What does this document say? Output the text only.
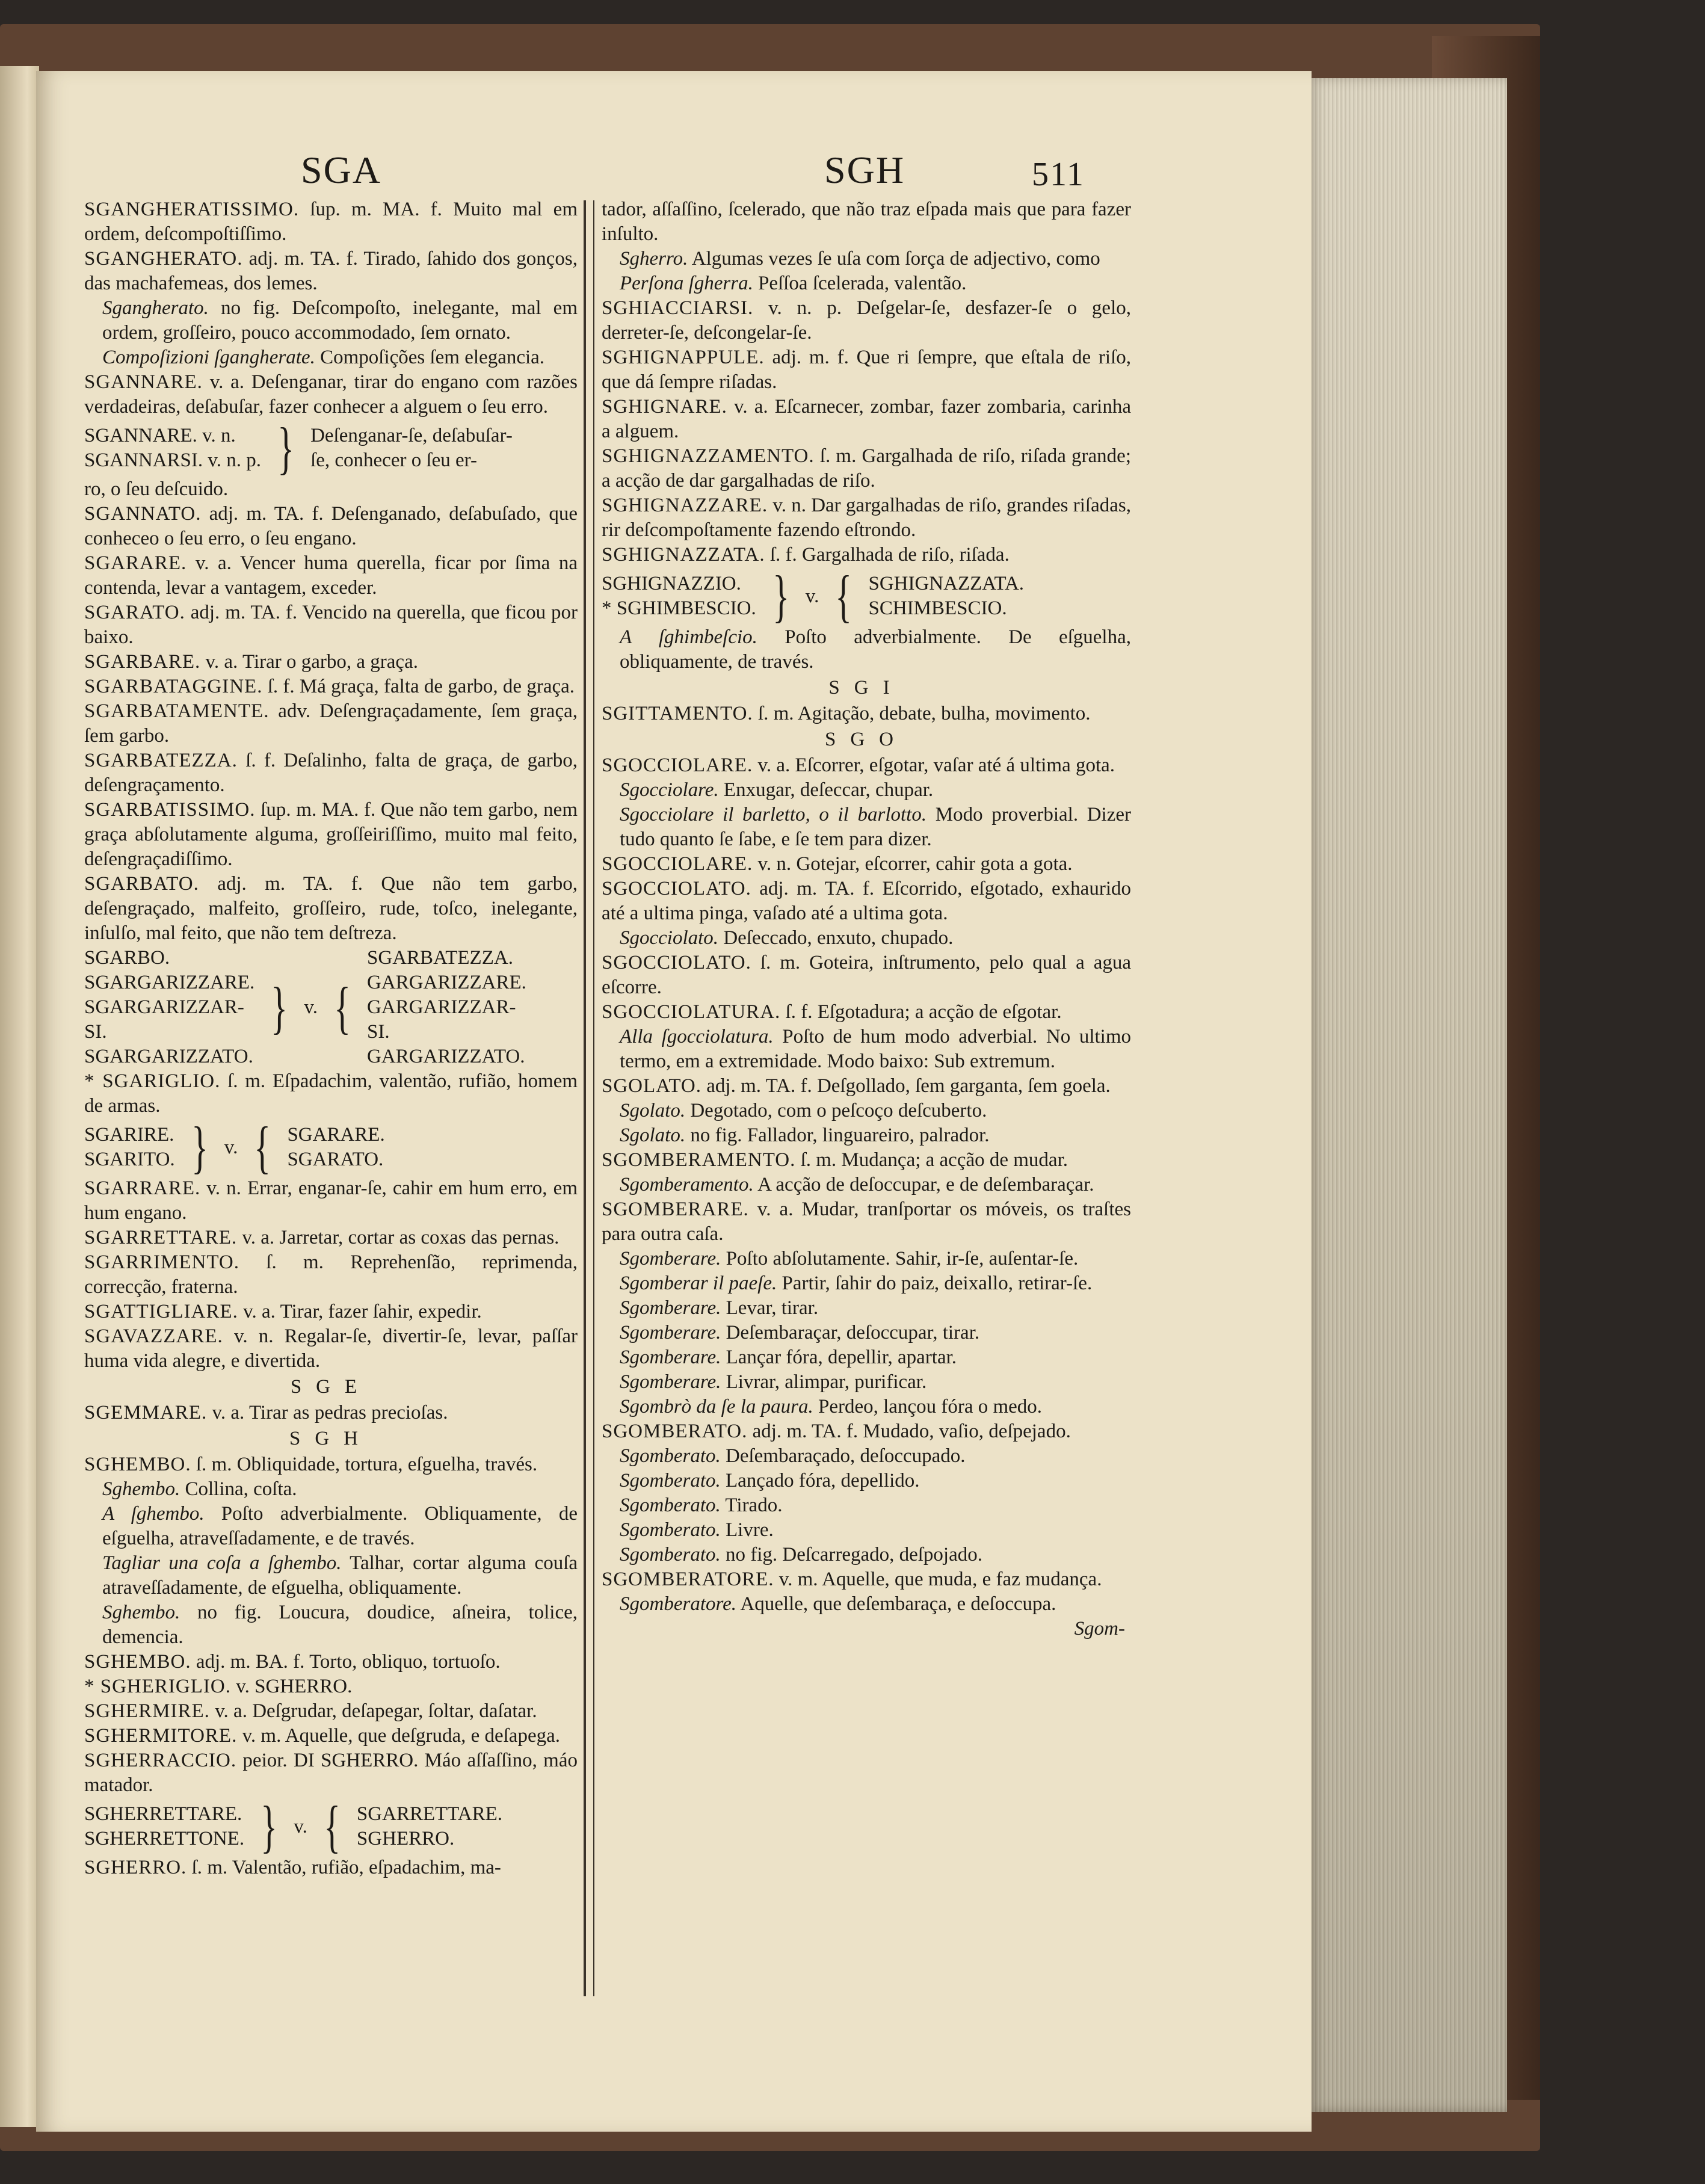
SGA	SGH	511

SGANGHERATISSIMO. ſup. m. MA. f. Muito mal em ordem, deſcompoſtiſſimo.

SGANGHERATO. adj. m. TA. f. Tirado, ſahido dos gonços, das machafemeas, dos lemes.

Sgangherato. no fig. Deſcompoſto, inelegante, mal em ordem, groſſeiro, pouco accommodado, ſem ornato.

Compoſizioni ſgangherate. Compoſições ſem elegancia.

SGANNARE. v. a. Deſenganar, tirar do engano com razões verdadeiras, deſabuſar, fazer conhecer a alguem o ſeu erro.

SGANNARE. v. n.
SGANNARSI. v. n. p. } Deſenganar-ſe, deſabuſar-
ſe, conhecer o ſeu er-

ro, o ſeu deſcuido.

SGANNATO. adj. m. TA. f. Deſenganado, deſabuſado, que conheceo o ſeu erro, o ſeu engano.

SGARARE. v. a. Vencer huma querella, ficar por ſima na contenda, levar a vantagem, exceder.

SGARATO. adj. m. TA. f. Vencido na querella, que ficou por baixo.

SGARBARE. v. a. Tirar o garbo, a graça.

SGARBATAGGINE. ſ. f. Má graça, falta de garbo, de graça.

SGARBATAMENTE. adv. Deſengraçadamente, ſem graça, ſem garbo.

SGARBATEZZA. ſ. f. Deſalinho, falta de graça, de garbo, deſengraçamento.

SGARBATISSIMO. ſup. m. MA. f. Que não tem garbo, nem graça abſolutamente alguma, groſſeiriſſimo, muito mal feito, deſengraçadiſſimo.

SGARBATO. adj. m. TA. f. Que não tem garbo, deſengraçado, malfeito, groſſeiro, rude, toſco, inelegante, inſulſo, mal feito, que não tem deſtreza.

SGARBO.
SGARGARIZZARE.
SGARGARIZZAR-
SI.
SGARGARIZZATO.
} v. {
SGARBATEZZA.
GARGARIZZARE.
GARGARIZZAR-
SI.
GARGARIZZATO.

* SGARIGLIO. ſ. m. Eſpadachim, valentão, rufião, homem de armas.

SGARIRE.
SGARITO. } v. { SGARARE.
SGARATO.

SGARRARE. v. n. Errar, enganar-ſe, cahir em hum erro, em hum engano.

SGARRETTARE. v. a. Jarretar, cortar as coxas das pernas.

SGARRIMENTO. ſ. m. Reprehenſão, reprimenda, correcção, fraterna.

SGATTIGLIARE. v. a. Tirar, fazer ſahir, expedir.

SGAVAZZARE. v. n. Regalar-ſe, divertir-ſe, levar, paſſar huma vida alegre, e divertida.

SGE

SGEMMARE. v. a. Tirar as pedras precioſas.

SGH

SGHEMBO. ſ. m. Obliquidade, tortura, eſguelha, través.

Sghembo. Collina, coſta.

A ſghembo. Poſto adverbialmente. Obliquamente, de eſguelha, atraveſſadamente, e de través.

Tagliar una coſa a ſghembo. Talhar, cortar alguma couſa atraveſſadamente, de eſguelha, obliquamente.

Sghembo. no fig. Loucura, doudice, aſneira, tolice, demencia.

SGHEMBO. adj. m. BA. f. Torto, obliquo, tortuoſo.

* SGHERIGLIO. v. SGHERRO.

SGHERMIRE. v. a. Deſgrudar, deſapegar, ſoltar, daſatar.

SGHERMITORE. v. m. Aquelle, que deſgruda, e deſapega.

SGHERRACCIO. peior. DI SGHERRO. Máo aſſaſſino, máo matador.

SGHERRETTARE.
SGHERRETTONE. } v. { SGARRETTARE.
SGHERRO.

SGHERRO. ſ. m. Valentão, rufião, eſpadachim, ma-

tador, aſſaſſino, ſcelerado, que não traz eſpada mais que para fazer inſulto.

Sgherro. Algumas vezes ſe uſa com ſorça de adjectivo, como

Perſona ſgherra. Peſſoa ſcelerada, valentão.

SGHIACCIARSI. v. n. p. Deſgelar-ſe, desfazer-ſe o gelo, derreter-ſe, deſcongelar-ſe.

SGHIGNAPPULE. adj. m. f. Que ri ſempre, que eſtala de riſo, que dá ſempre riſadas.

SGHIGNARE. v. a. Eſcarnecer, zombar, fazer zombaria, carinha a alguem.

SGHIGNAZZAMENTO. ſ. m. Gargalhada de riſo, riſada grande; a acção de dar gargalhadas de riſo.

SGHIGNAZZARE. v. n. Dar gargalhadas de riſo, grandes riſadas, rir deſcompoſtamente fazendo eſtrondo.

SGHIGNAZZATA. ſ. f. Gargalhada de riſo, riſada.

SGHIGNAZZIO.
* SGHIMBESCIO. } v. { SGHIGNAZZATA.
SCHIMBESCIO.

A ſghimbeſcio. Poſto adverbialmente. De eſguelha, obliquamente, de través.

SGI

SGITTAMENTO. ſ. m. Agitação, debate, bulha, movimento.

SGO

SGOCCIOLARE. v. a. Eſcorrer, eſgotar, vaſar até á ultima gota.

Sgocciolare. Enxugar, deſeccar, chupar.

Sgocciolare il barletto, o il barlotto. Modo proverbial. Dizer tudo quanto ſe ſabe, e ſe tem para dizer.

SGOCCIOLARE. v. n. Gotejar, eſcorrer, cahir gota a gota.

SGOCCIOLATO. adj. m. TA. f. Eſcorrido, eſgotado, exhaurido até a ultima pinga, vaſado até a ultima gota.

Sgocciolato. Deſeccado, enxuto, chupado.

SGOCCIOLATO. ſ. m. Goteira, inſtrumento, pelo qual a agua eſcorre.

SGOCCIOLATURA. ſ. f. Eſgotadura; a acção de eſgotar.

Alla ſgocciolatura. Poſto de hum modo adverbial. No ultimo termo, em a extremidade. Modo baixo: Sub extremum.

SGOLATO. adj. m. TA. f. Deſgollado, ſem garganta, ſem goela.

Sgolato. Degotado, com o peſcoço deſcuberto.

Sgolato. no fig. Fallador, linguareiro, palrador.

SGOMBERAMENTO. ſ. m. Mudança; a acção de mudar.

Sgomberamento. A acção de deſoccupar, e de deſembaraçar.

SGOMBERARE. v. a. Mudar, tranſportar os móveis, os traſtes para outra caſa.

Sgomberare. Poſto abſolutamente. Sahir, ir-ſe, auſentar-ſe.

Sgomberar il paeſe. Partir, ſahir do paiz, deixallo, retirar-ſe.

Sgomberare. Levar, tirar.

Sgomberare. Deſembaraçar, deſoccupar, tirar.

Sgomberare. Lançar fóra, depellir, apartar.

Sgomberare. Livrar, alimpar, purificar.

Sgombrò da ſe la paura. Perdeo, lançou fóra o medo.

SGOMBERATO. adj. m. TA. f. Mudado, vaſio, deſpejado.

Sgomberato. Deſembaraçado, deſoccupado.

Sgomberato. Lançado fóra, depellido.

Sgomberato. Tirado.

Sgomberato. Livre.

Sgomberato. no fig. Deſcarregado, deſpojado.

SGOMBERATORE. v. m. Aquelle, que muda, e faz mudança.

Sgomberatore. Aquelle, que deſembaraça, e deſoccupa.

Sgom-
